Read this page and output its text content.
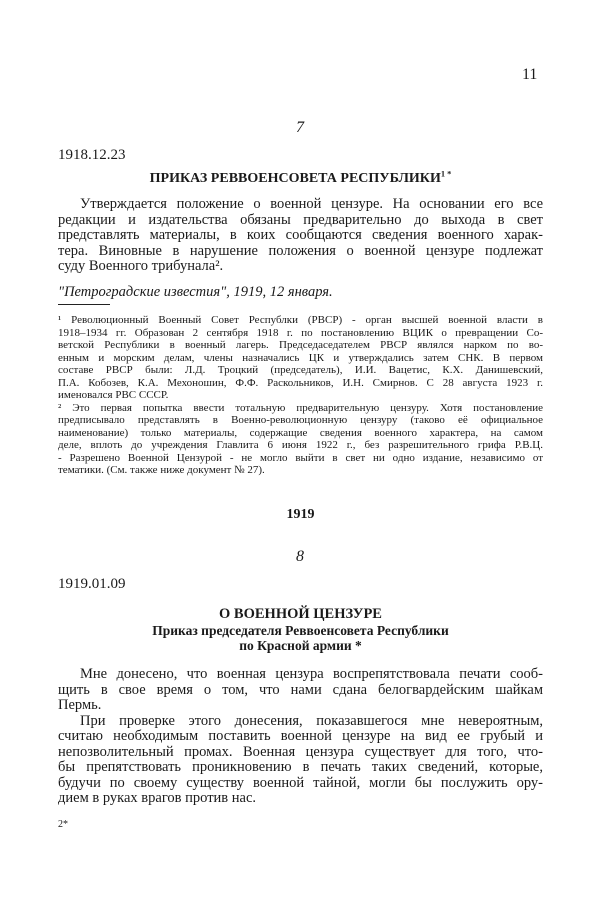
11
7
1918.12.23
ПРИКАЗ РЕВВОЕНСОВЕТА $РЕСПУБЛИКИ^{1 *}$
Утверждается положение о военной цензуре. На основании его все
редакции и издательства обязаны предварительно до выхода в свет
представлять материалы, в коих сообщаются сведения военного харак-
тера. Виновные в нарушение положения о военной цензуре подлежат
суду Военного трибунала².
"Петроградские известия", 1919, 12 января.
¹ Революционный Военный Совет Республки (РВСР) - орган высшей военной власти в
1918–1934 гг. Образован 2 сентября 1918 г. по постановлению ВЦИК о превращении Со-
ветской Республики в военный лагерь. Председаседателем РВСР являлся нарком по во-
енным и морским делам, члены назначались ЦК и утверждались затем СНК. В первом
составе РВСР были: Л.Д. Троцкий (председатель), И.И. Вацетис, К.Х. Данишевский,
П.А. Кобозев, К.А. Мехоношин, Ф.Ф. Раскольников, И.Н. Смирнов. С 28 августа 1923 г.
именовался РВС СССР.
² Это первая попытка ввести тотальную предварительную цензуру. Хотя постановление
предписывало представлять в Военно-революционную цензуру (таково её официальное
наименование) только материалы, содержащие сведения военного характера, на самом
деле, вплоть до учреждения Главлита 6 июня 1922 г., без разрешительного грифа Р.В.Ц.
- Разрешено Военной Цензурой - не могло выйти в свет ни одно издание, независимо от
тематики. (См. также ниже документ № 27).
1919
8
1919.01.09
О ВОЕННОЙ ЦЕНЗУРЕ
Приказ председателя Реввоенсовета Республики
по Красной армии *
Мне донесено, что военная цензура воспрепятствовала печати сооб-
щить в свое время о том, что нами сдана белогвардейским шайкам
Пермь.
При проверке этого донесения, показавшегося мне невероятным,
считаю необходимым поставить военной цензуре на вид ее грубый и
непозволительный промах. Военная цензура существует для того, что-
бы препятствовать проникновению в печать таких сведений, которые,
будучи по своему существу военной тайной, могли бы послужить ору-
дием в руках врагов против нас.
2*
